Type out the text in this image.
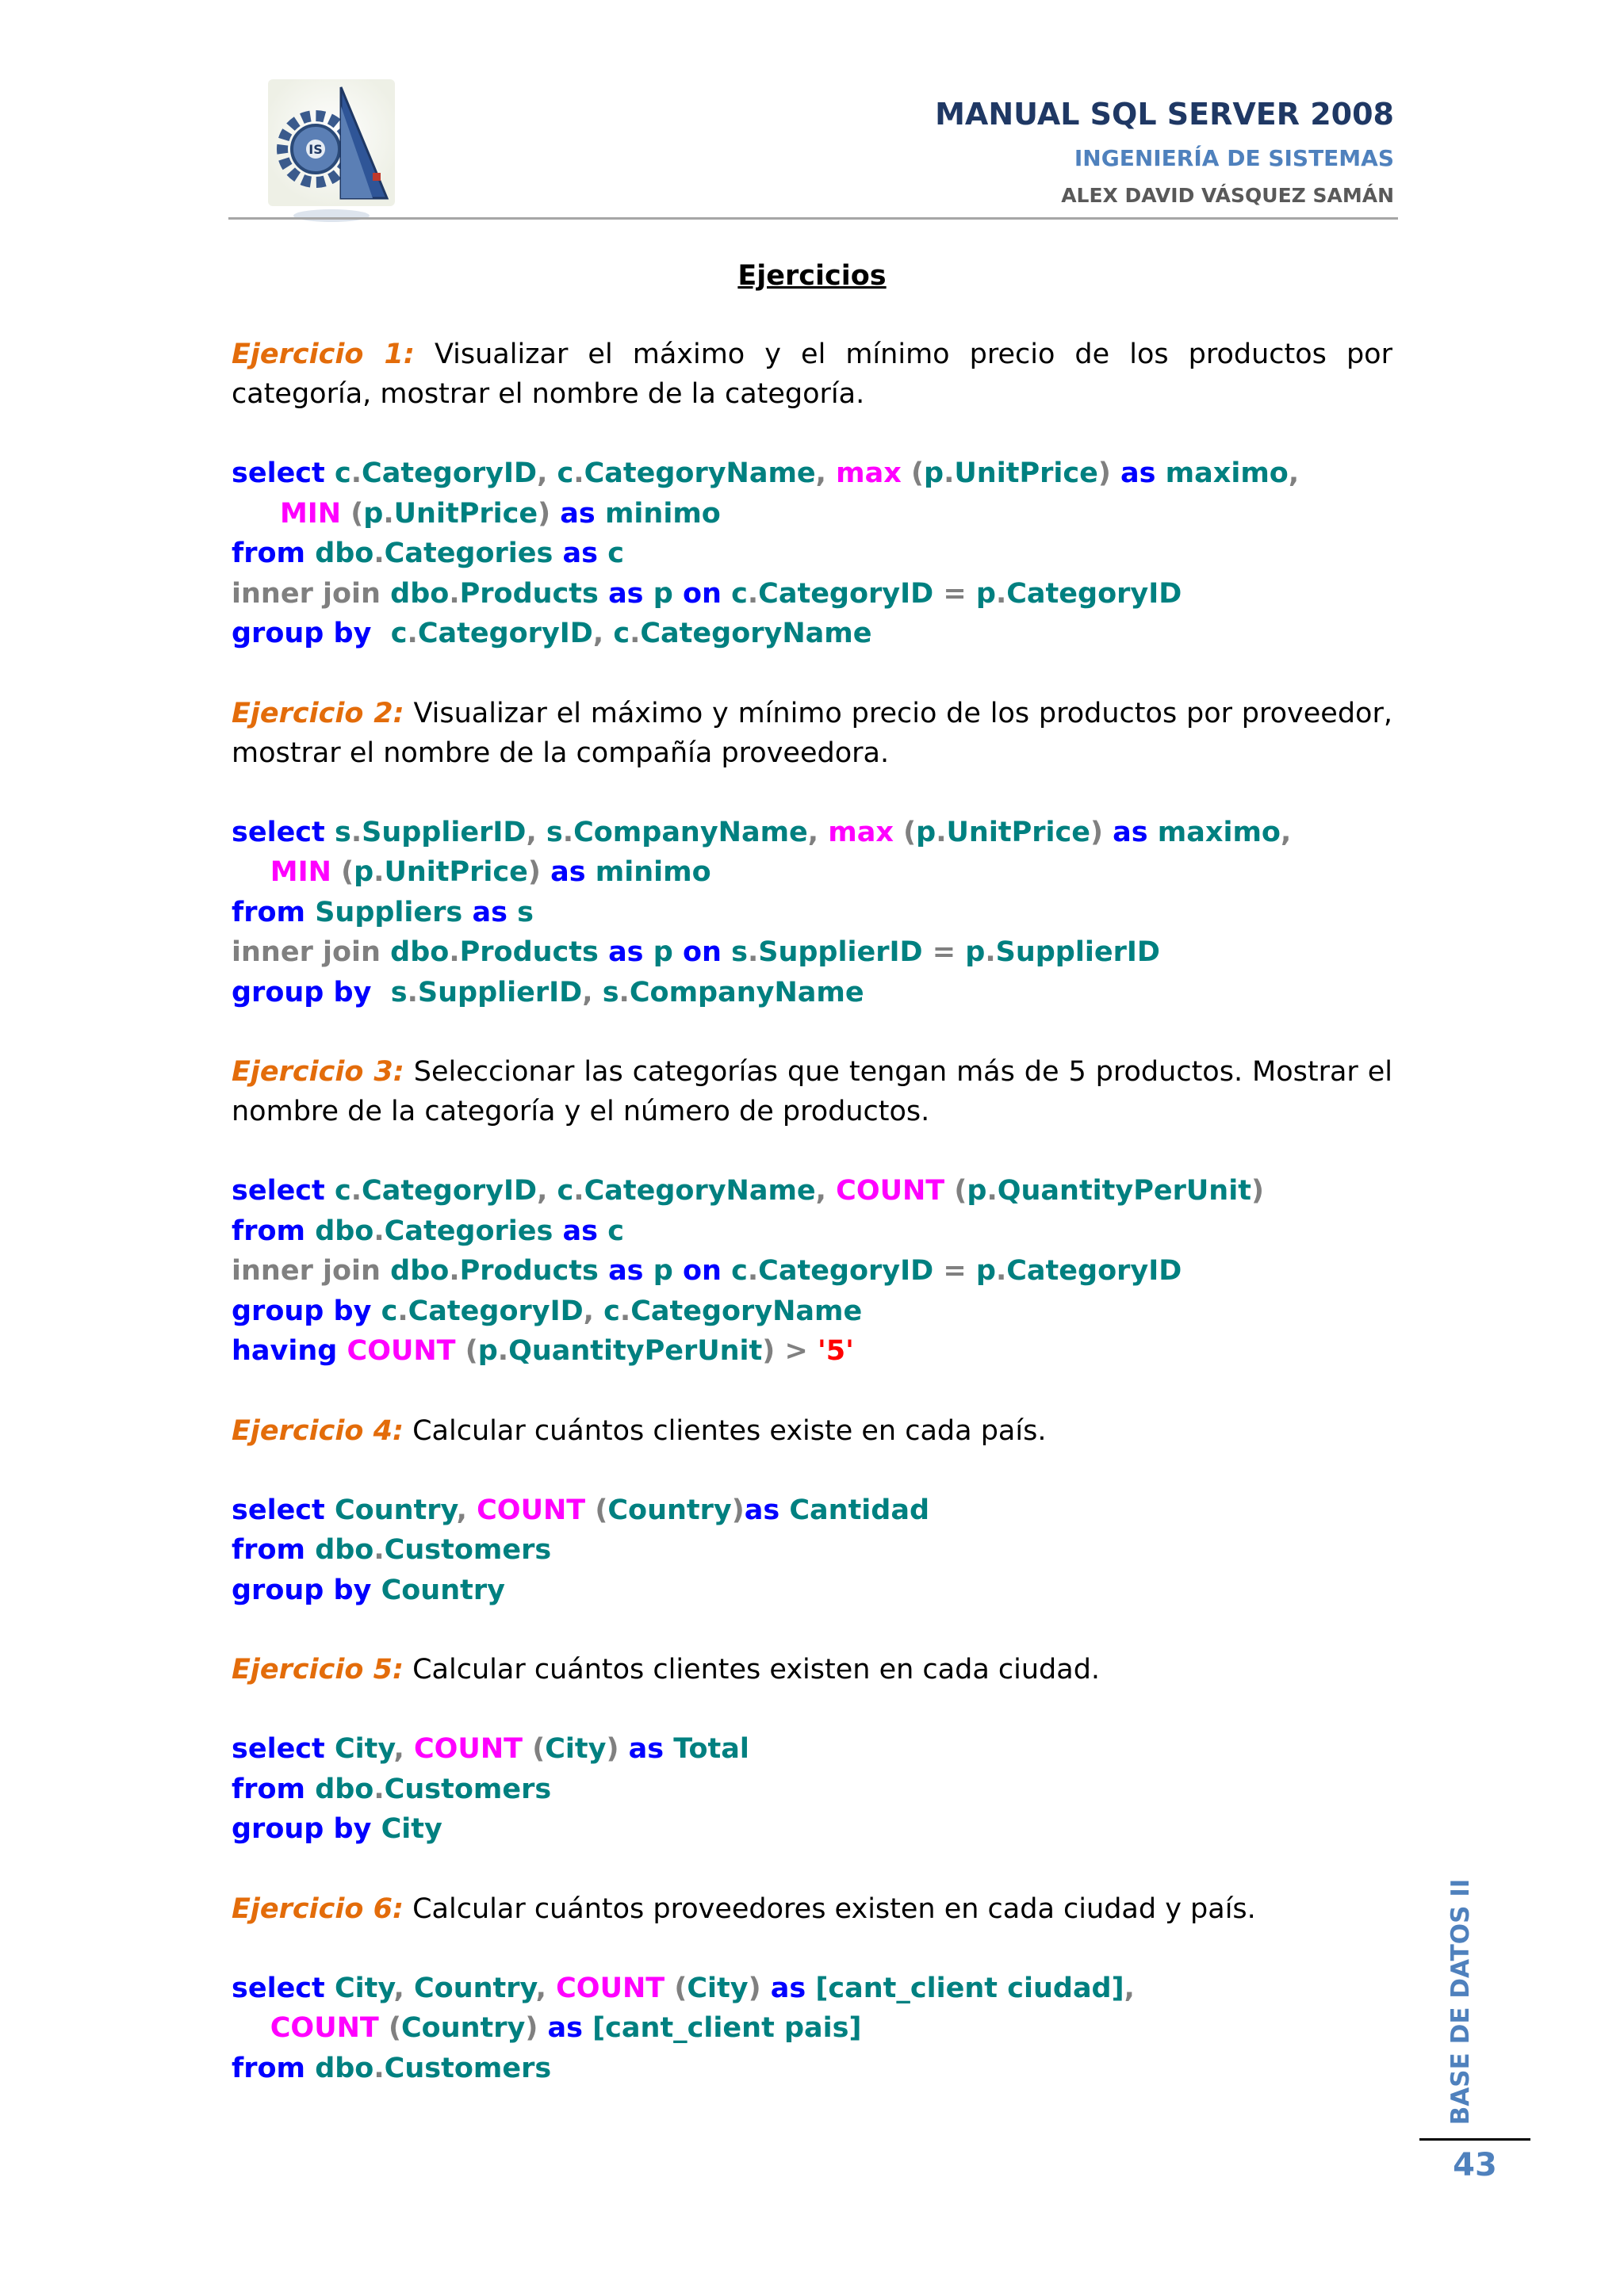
IS
MANUAL SQL SERVER 2008
INGENIERÍA DE SISTEMAS
ALEX DAVID VÁSQUEZ SAMÁN
Ejercicios
Ejercicio 1: Visualizar el máximo y el mínimo precio de los productos por categoría, mostrar el nombre de la categoría.
select c.CategoryID, c.CategoryName, max (p.UnitPrice) as maximo,
MIN (p.UnitPrice) as minimo
from dbo.Categories as c
inner join dbo.Products as p on c.CategoryID = p.CategoryID
group by c.CategoryID, c.CategoryName
Ejercicio 2: Visualizar el máximo y mínimo precio de los productos por proveedor, mostrar el nombre de la compañía proveedora.
select s.SupplierID, s.CompanyName, max (p.UnitPrice) as maximo,
MIN (p.UnitPrice) as minimo
from Suppliers as s
inner join dbo.Products as p on s.SupplierID = p.SupplierID
group by s.SupplierID, s.CompanyName
Ejercicio 3: Seleccionar las categorías que tengan más de 5 productos. Mostrar el nombre de la categoría y el número de productos.
select c.CategoryID, c.CategoryName, COUNT (p.QuantityPerUnit)
from dbo.Categories as c
inner join dbo.Products as p on c.CategoryID = p.CategoryID
group by c.CategoryID, c.CategoryName
having COUNT (p.QuantityPerUnit) > '5'
Ejercicio 4: Calcular cuántos clientes existe en cada país.
select Country, COUNT (Country)as Cantidad
from dbo.Customers
group by Country
Ejercicio 5: Calcular cuántos clientes existen en cada ciudad.
select City, COUNT (City) as Total
from dbo.Customers
group by City
Ejercicio 6: Calcular cuántos proveedores existen en cada ciudad y país.
select City, Country, COUNT (City) as [cant_client ciudad],
COUNT (Country) as [cant_client pais]
from dbo.Customers	BASE DE DATOS II
43
